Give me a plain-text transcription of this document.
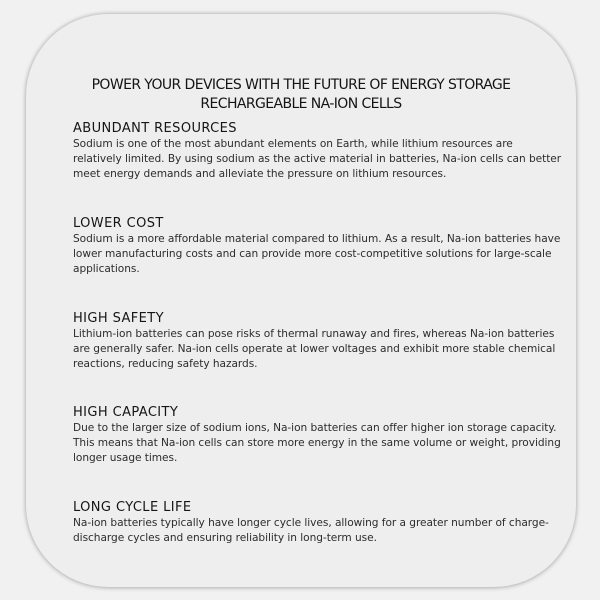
POWER YOUR DEVICES WITH THE FUTURE OF ENERGY STORAGE
RECHARGEABLE NA-ION CELLS
ABUNDANT RESOURCES

Sodium is one of the most abundant elements on Earth, while lithium resources are relatively limited. By using sodium as the active material in batteries, Na-ion cells can better meet energy demands and alleviate the pressure on lithium resources.

LOWER COST

Sodium is a more affordable material compared to lithium. As a result, Na-ion batteries have lower manufacturing costs and can provide more cost-competitive solutions for large-scale applications.

HIGH SAFETY

Lithium-ion batteries can pose risks of thermal runaway and fires, whereas Na-ion batteries are generally safer. Na-ion cells operate at lower voltages and exhibit more stable chemical reactions, reducing safety hazards.

HIGH CAPACITY

Due to the larger size of sodium ions, Na-ion batteries can offer higher ion storage capacity. This means that Na-ion cells can store more energy in the same volume or weight, providing longer usage times.

LONG CYCLE LIFE

Na-ion batteries typically have longer cycle lives, allowing for a greater number of charge-discharge cycles and ensuring reliability in long-term use.
